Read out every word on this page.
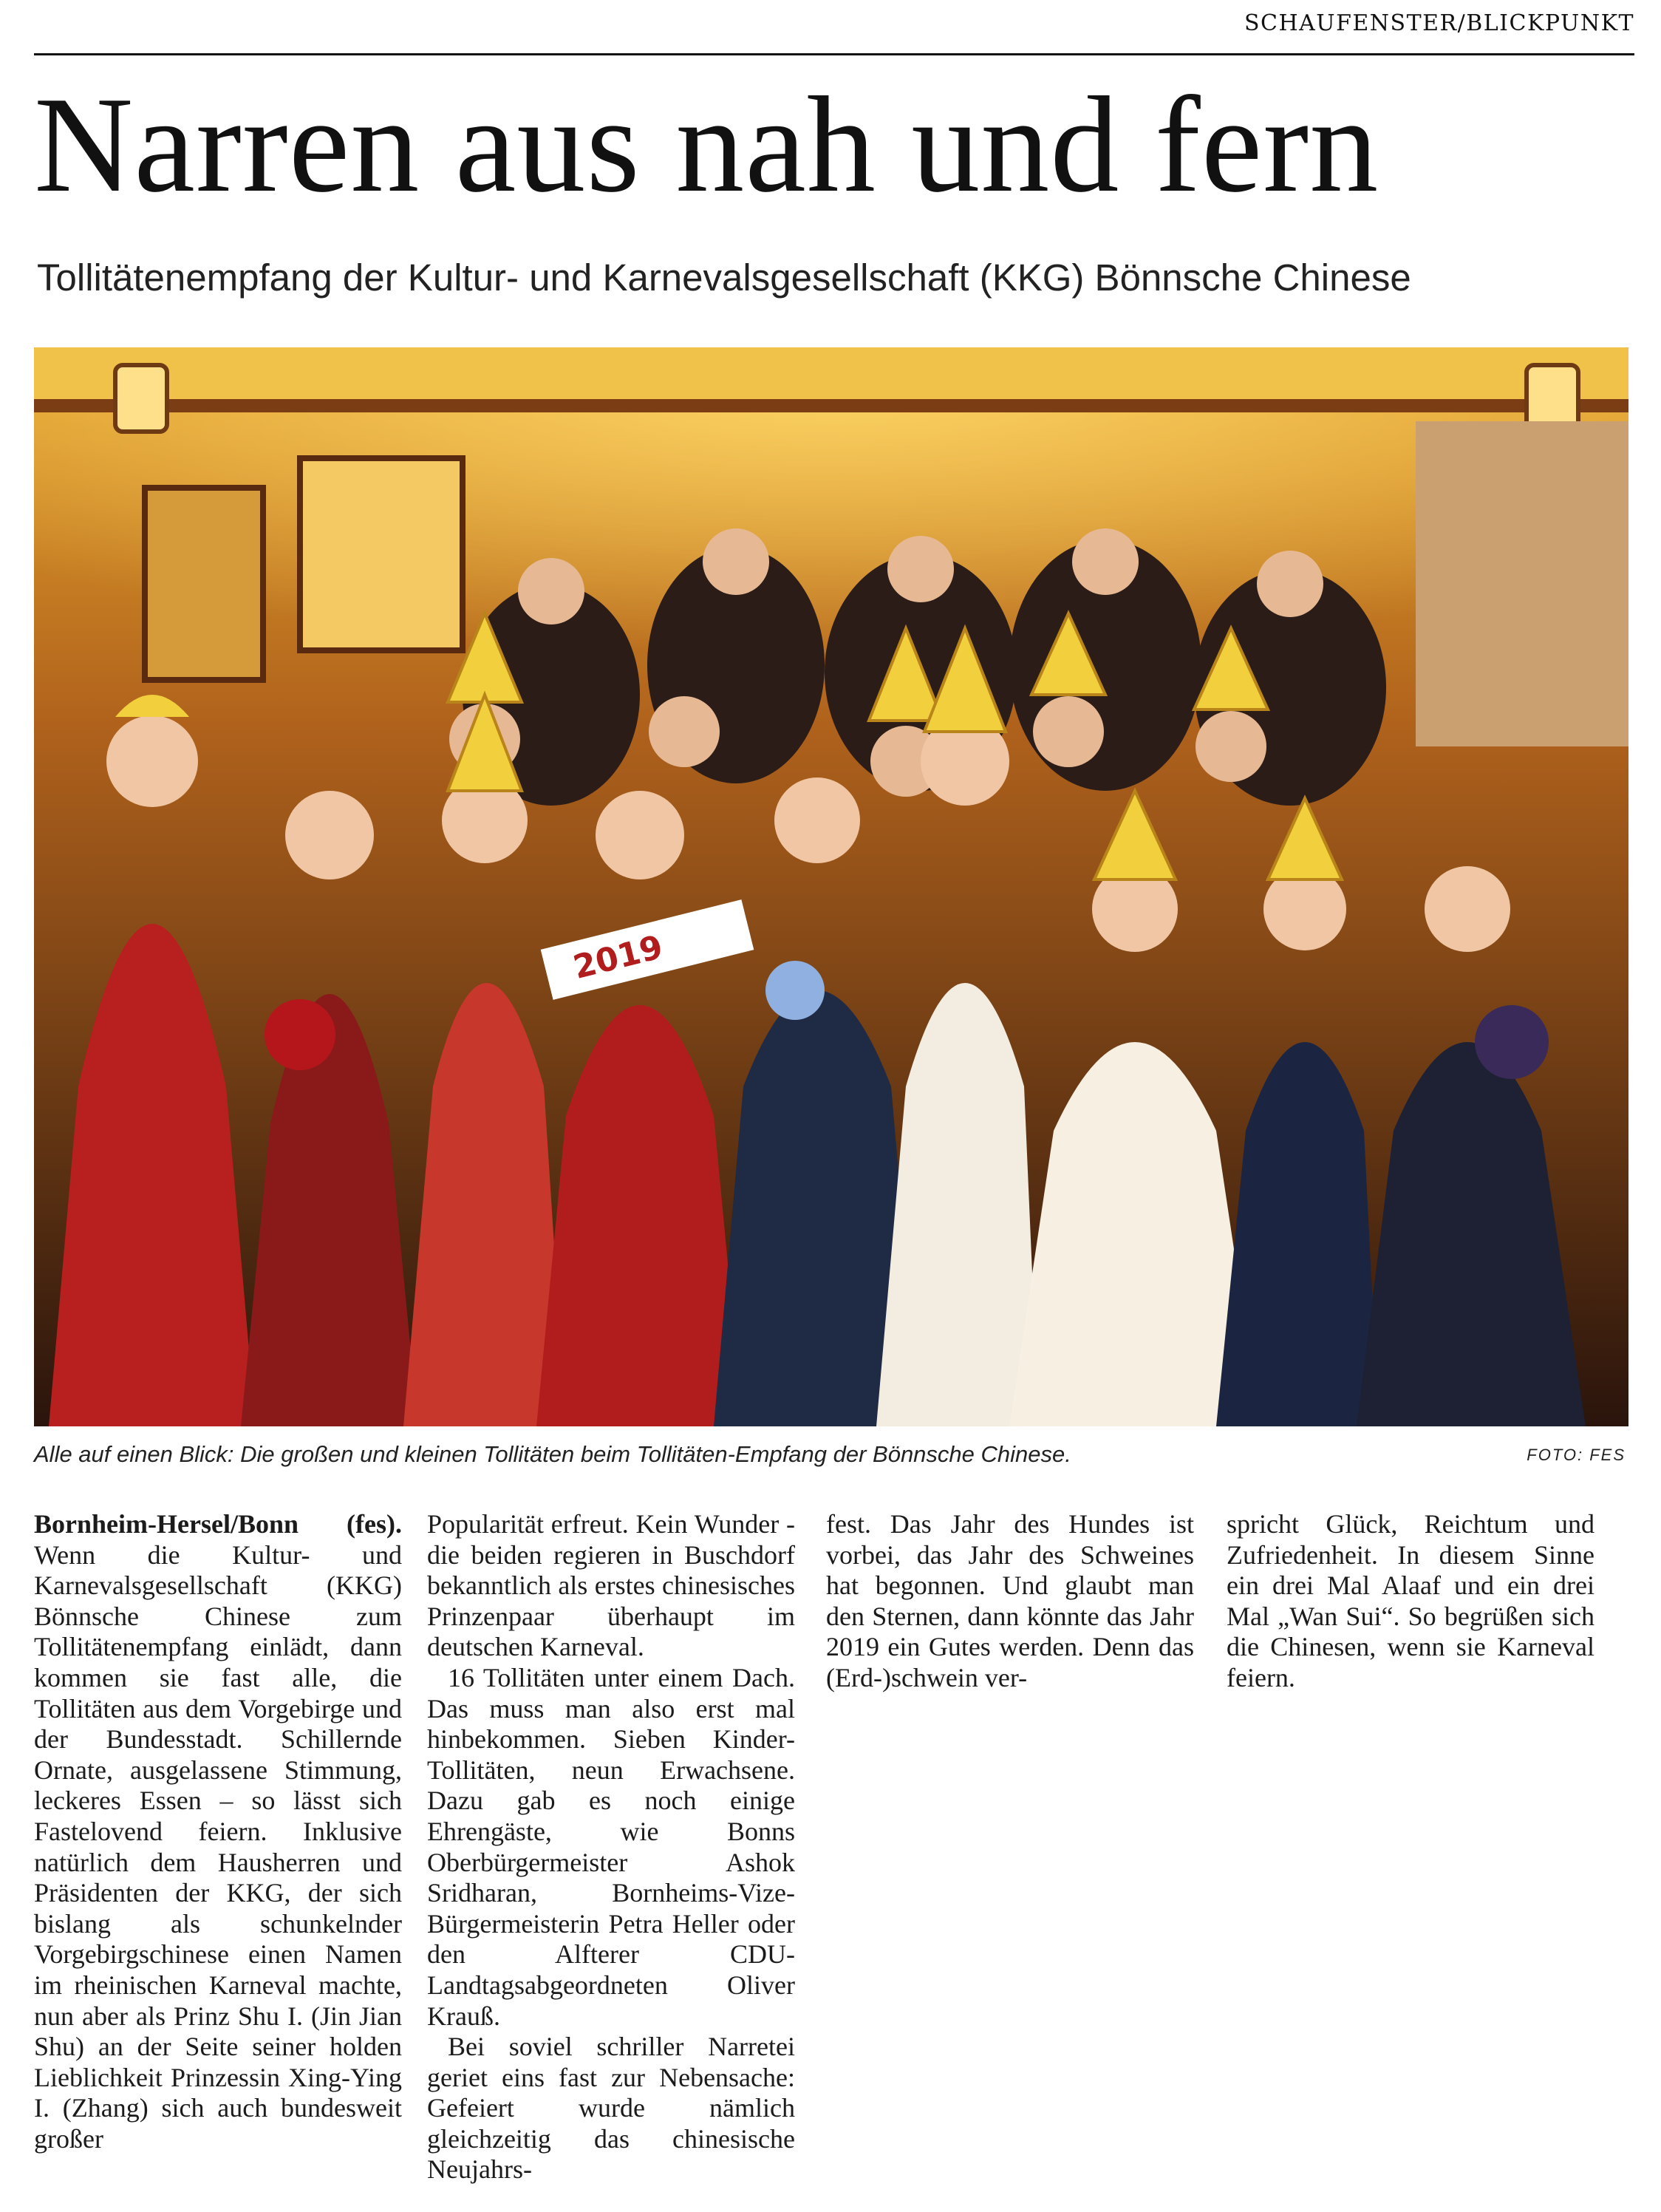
SCHAUFENSTER/BLICKPUNKT
Narren aus nah und fern
Tollitätenempfang der Kultur- und Karnevalsgesellschaft (KKG) Bönnsche Chinese
2019
Alle auf einen Blick: Die großen und kleinen Tollitäten beim Tollitäten-Empfang der Bönnsche Chinese.	FOTO: FES

Bornheim-Hersel/Bonn (fes). Wenn die Kultur- und Karnevalsgesellschaft (KKG) Bönnsche Chinese zum Tollitätenempfang einlädt, dann kommen sie fast alle, die Tollitäten aus dem Vorgebirge und der Bundesstadt. Schillernde Ornate, ausgelassene Stimmung, leckeres Essen – so lässt sich Fastelovend feiern. Inklusive natürlich dem Hausherren und Präsidenten der KKG, der sich bislang als schunkelnder Vorgebirgschinese einen Namen im rheinischen Karneval machte, nun aber als Prinz Shu I. (Jin Jian Shu) an der Seite seiner holden Lieblichkeit Prinzessin Xing-Ying I. (Zhang) sich auch bundesweit großer

Popularität erfreut. Kein Wunder - die beiden regieren in Buschdorf bekanntlich als erstes chinesisches Prinzenpaar überhaupt im deutschen Karneval.

16 Tollitäten unter einem Dach. Das muss man also erst mal hinbekommen. Sieben Kinder-Tollitäten, neun Erwachsene. Dazu gab es noch einige Ehrengäste, wie Bonns Oberbürgermeister Ashok Sridharan, Bornheims-Vize-Bürgermeisterin Petra Heller oder den Alfterer CDU-Landtagsabgeordneten Oliver Krauß.

Bei soviel schriller Narretei geriet eins fast zur Nebensache: Gefeiert wurde nämlich gleichzeitig das chinesische Neujahrs-

fest. Das Jahr des Hundes ist vorbei, das Jahr des Schweines hat begonnen. Und glaubt man den Sternen, dann könnte das Jahr 2019 ein Gutes werden. Denn das (Erd-)schwein ver-

spricht Glück, Reichtum und Zufriedenheit. In diesem Sinne ein drei Mal Alaaf und ein drei Mal „Wan Sui“. So begrüßen sich die Chinesen, wenn sie Karneval feiern.
